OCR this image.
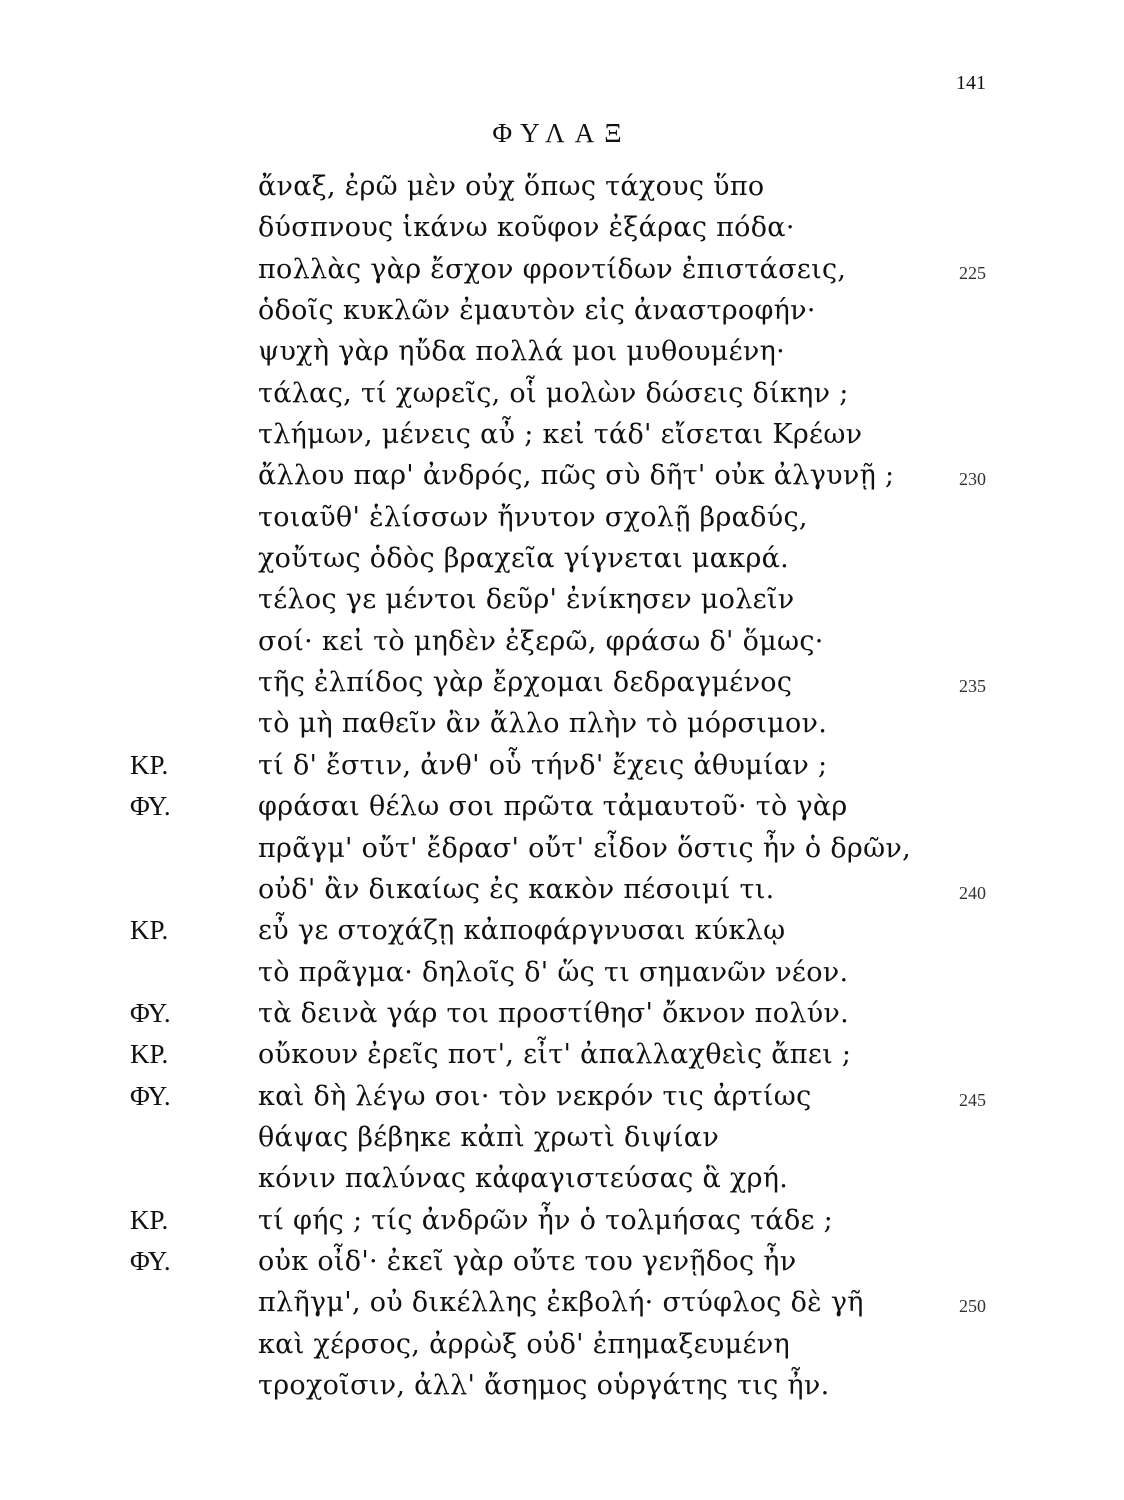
141
ΦΥΛΑΞ
ἄναξ, ἐρῶ μὲν οὐχ ὅπως τάχους ὕπο
δύσπνους ἱκάνω κοῦφον ἐξάρας πόδα·
πολλὰς γὰρ ἔσχον φροντίδων ἐπιστάσεις,	225
ὁδοῖς κυκλῶν ἐμαυτὸν εἰς ἀναστροφήν·
ψυχὴ γὰρ ηὔδα πολλά μοι μυθουμένη·
τάλας, τί χωρεῖς, οἷ μολὼν δώσεις δίκην ;
τλήμων, μένεις αὖ ; κεἰ τάδ' εἴσεται Κρέων
ἄλλου παρ' ἀνδρός, πῶς σὺ δῆτ' οὐκ ἀλγυνῇ ;	230
τοιαῦθ' ἑλίσσων ἤνυτον σχολῇ βραδύς,
χοὔτως ὁδὸς βραχεῖα γίγνεται μακρά.
τέλος γε μέντοι δεῦρ' ἐνίκησεν μολεῖν
σοί· κεἰ τὸ μηδὲν ἐξερῶ, φράσω δ' ὅμως·
τῆς ἐλπίδος γὰρ ἔρχομαι δεδραγμένος	235
τὸ μὴ παθεῖν ἂν ἄλλο πλὴν τὸ μόρσιμον.
ΚΡ.	τί δ' ἔστιν, ἀνθ' οὗ τήνδ' ἔχεις ἀθυμίαν ;
ΦΥ.	φράσαι θέλω σοι πρῶτα τἀμαυτοῦ· τὸ γὰρ
πρᾶγμ' οὔτ' ἔδρασ' οὔτ' εἶδον ὅστις ἦν ὁ δρῶν,
οὐδ' ἂν δικαίως ἐς κακὸν πέσοιμί τι.	240
ΚΡ.	εὖ γε στοχάζῃ κἀποφάργνυσαι κύκλῳ
τὸ πρᾶγμα· δηλοῖς δ' ὥς τι σημανῶν νέον.
ΦΥ.	τὰ δεινὰ γάρ τοι προστίθησ' ὄκνον πολύν.
ΚΡ.	οὔκουν ἐρεῖς ποτ', εἶτ' ἀπαλλαχθεὶς ἄπει ;
ΦΥ.	καὶ δὴ λέγω σοι· τὸν νεκρόν τις ἀρτίως	245
θάψας βέβηκε κἀπὶ χρωτὶ διψίαν
κόνιν παλύνας κἀφαγιστεύσας ἃ χρή.
ΚΡ.	τί φής ; τίς ἀνδρῶν ἦν ὁ τολμήσας τάδε ;
ΦΥ.	οὐκ οἶδ'· ἐκεῖ γὰρ οὔτε του γενῇδος ἦν
πλῆγμ', οὐ δικέλλης ἐκβολή· στύφλος δὲ γῆ	250
καὶ χέρσος, ἀρρὼξ οὐδ' ἐπημαξευμένη
τροχοῖσιν, ἀλλ' ἄσημος οὑργάτης τις ἦν.
